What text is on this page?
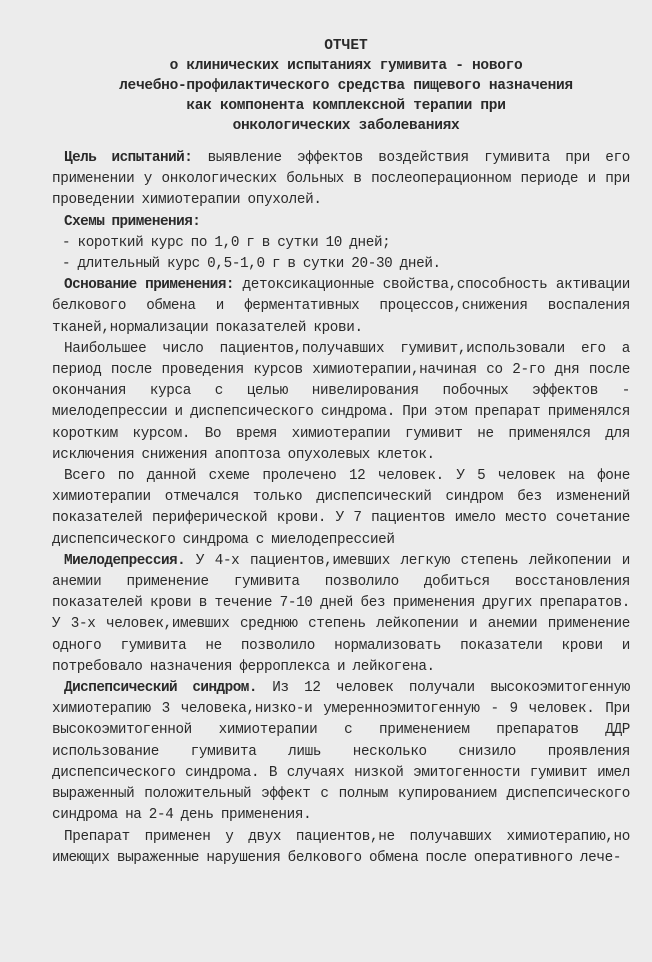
ОТЧЕТ
о клинических испытаниях гумивита - нового
лечебно-профилактического средства пищевого назначения
как компонента комплексной терапии при
онкологических заболеваниях

Цель испытаний: выявление эффектов воздействия гумивита при его применении у онкологических больных в послеоперационном периоде и при проведении химиотерапии опухолей.

Схемы применения:

- короткий курс по 1,0 г в сутки 10 дней;
- длительный курс 0,5-1,0 г в сутки 20-30 дней.

Основание применения: детоксикационные свойства,способность активации белкового обмена и ферментативных процессов,снижения воспаления тканей,нормализации показателей крови.

Наибольшее число пациентов,получавших гумивит,использовали его а период после проведения курсов химиотерапии,начиная со 2-го дня после окончания курса с целью нивелирования побочных эффектов - миелодепрессии и диспепсического синдрома. При этом препарат применялся коротким курсом. Во время химиотерапии гумивит не применялся для исключения снижения апоптоза опухолевых клеток.

Всего по данной схеме пролечено 12 человек. У 5 человек на фоне химиотерапии отмечался только диспепсический синдром без изменений показателей периферической крови. У 7 пациентов имело место сочетание диспепсического синдрома с миелодепрессией

Миелодепрессия. У 4-х пациентов,имевших легкую степень лейкопении и анемии применение гумивита позволило добиться восстановления показателей крови в течение 7-10 дней без применения других препаратов. У 3-х человек,имевших среднюю степень лейкопении и анемии применение одного гумивита не позволило нормализовать показатели крови и потребовало назначения ферроплекса и лейкогена.

Диспепсический синдром. Из 12 человек получали высокоэмитогенную химиотерапию 3 человека,низко-и умеренноэмитогенную - 9 человек. При высокоэмитогенной химиотерапии с применением препаратов ДДР использование гумивита лишь несколько снизило проявления диспепсического синдрома. В случаях низкой эмитогенности гумивит имел выраженный положительный эффект с полным купированием диспепсического синдрома на 2-4 день применения.

Препарат применен у двух пациентов,не получавших химиотерапию,но имеющих выраженные нарушения белкового обмена после оперативного лече-
